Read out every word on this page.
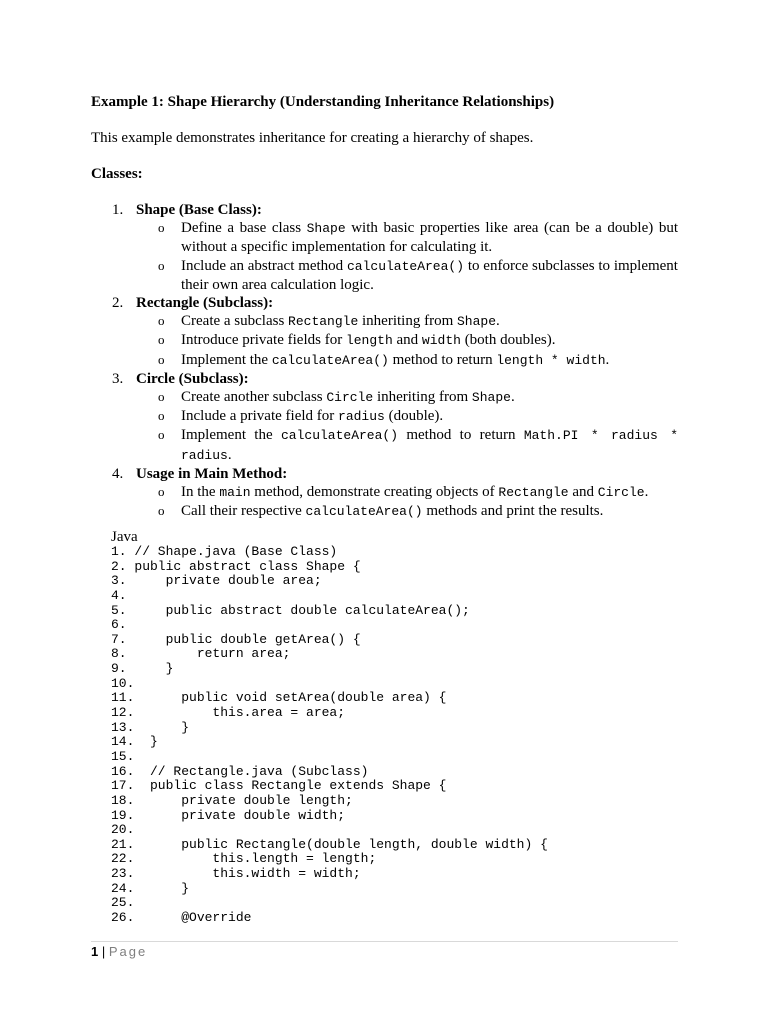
Example 1: Shape Hierarchy (Understanding Inheritance Relationships)
This example demonstrates inheritance for creating a hierarchy of shapes.
Classes:
1. Shape (Base Class):
o Define a base class Shape with basic properties like area (can be a double) but without a specific implementation for calculating it.
o Include an abstract method calculateArea() to enforce subclasses to implement their own area calculation logic.
2. Rectangle (Subclass):
o Create a subclass Rectangle inheriting from Shape.
o Introduce private fields for length and width (both doubles).
o Implement the calculateArea() method to return length * width.
3. Circle (Subclass):
o Create another subclass Circle inheriting from Shape.
o Include a private field for radius (double).
o Implement the calculateArea() method to return Math.PI * radius * radius.
4. Usage in Main Method:
o In the main method, demonstrate creating objects of Rectangle and Circle.
o Call their respective calculateArea() methods and print the results.
Java
1. // Shape.java (Base Class)
2. public abstract class Shape {
3.     private double area;
4.
5.     public abstract double calculateArea();
6.
7.     public double getArea() {
8.         return area;
9.     }
10.
11.      public void setArea(double area) {
12.          this.area = area;
13.      }
14.  }
15.
16.  // Rectangle.java (Subclass)
17.  public class Rectangle extends Shape {
18.      private double length;
19.      private double width;
20.
21.      public Rectangle(double length, double width) {
22.          this.length = length;
23.          this.width = width;
24.      }
25.
26.      @Override
1 | Page
